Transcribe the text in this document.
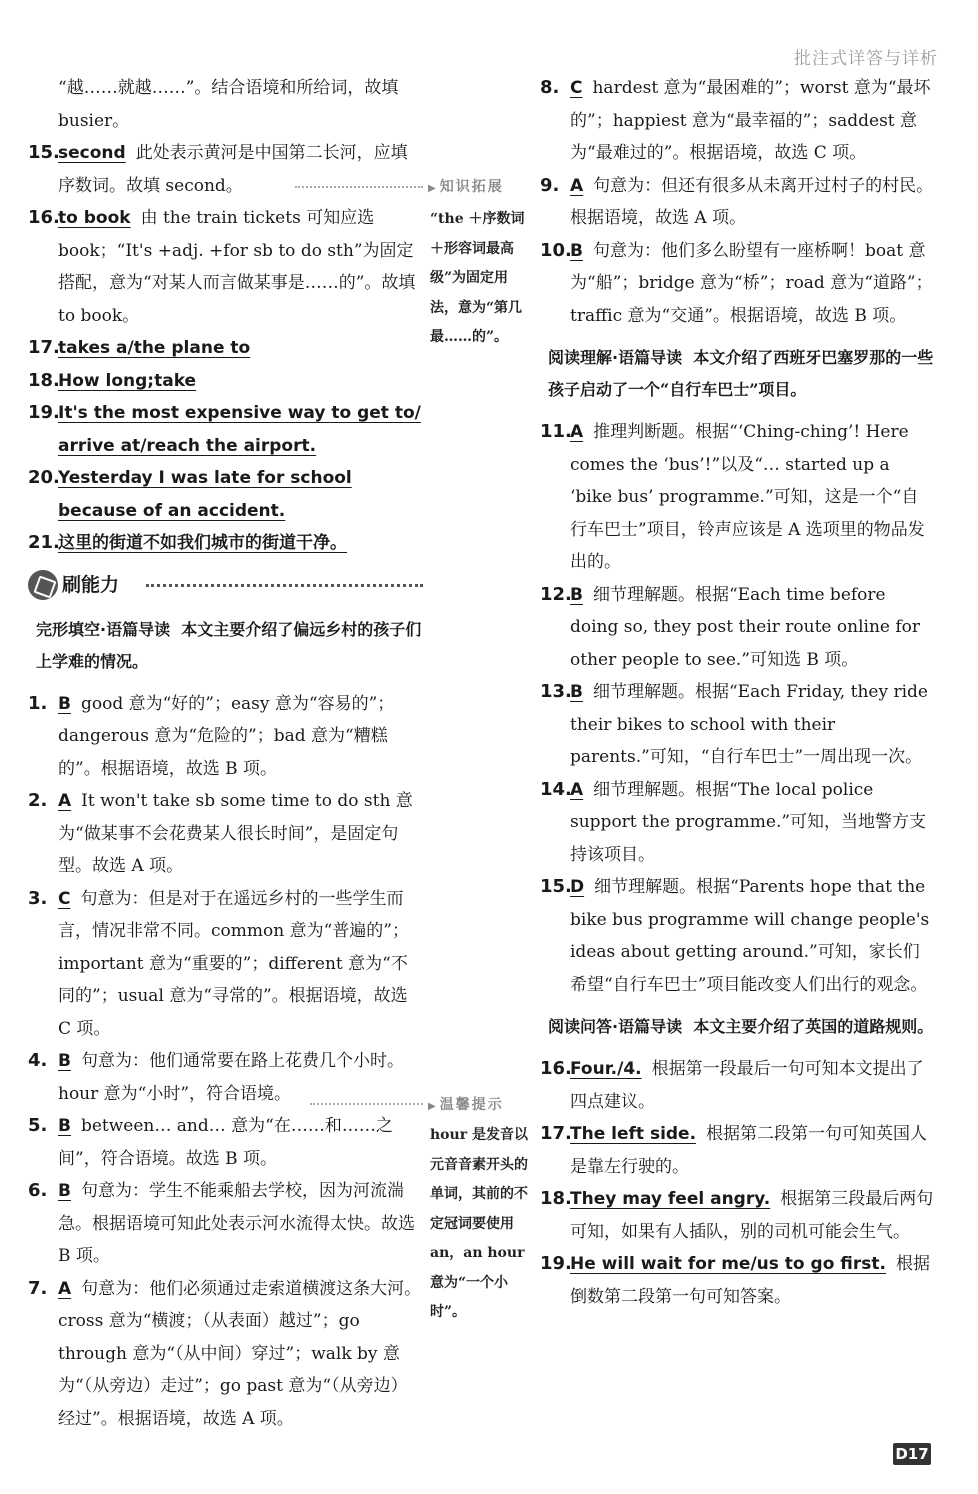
批注式详答与详析

“越……就越……”。结合语境和所给词，故填 busier。

15.
second 此处表示黄河是中国第二长河，应填序数词。故填 second。

16.
to book 由 the train tickets 可知应选 book；“It's +adj. +for sb to do sth”为固定搭配，意为“对某人而言做某事是……的”。故填 to book。

17.
takes a/the plane to

18.
How long;take

19.
It's the most expensive way to get to/ arrive at/reach the airport.

20.
Yesterday I was late for school because of an accident.

21.
这里的街道不如我们城市的街道干净。

刷能力
完形填空·语篇导读 本文主要介绍了偏远乡村的孩子们上学难的情况。

1. B good 意为“好的”；easy 意为“容易的”；dangerous 意为“危险的”；bad 意为“糟糕的”。根据语境，故选 B 项。

2. A It won't take sb some time to do sth 意为“做某事不会花费某人很长时间”，是固定句型。故选 A 项。

3. C 句意为：但是对于在遥远乡村的一些学生而言，情况非常不同。common 意为“普遍的”；important 意为“重要的”；different 意为“不同的”；usual 意为“寻常的”。根据语境，故选 C 项。

4. B 句意为：他们通常要在路上花费几个小时。hour 意为“小时”，符合语境。

5. B between… and… 意为“在……和……之间”，符合语境。故选 B 项。

6. B 句意为：学生不能乘船去学校，因为河流湍急。根据语境可知此处表示河水流得太快。故选 B 项。

7. A 句意为：他们必须通过走索道横渡这条大河。cross 意为“横渡；（从表面）越过”；go through 意为“（从中间）穿过”；walk by 意为“（从旁边）走过”；go past 意为“（从旁边）经过”。根据语境，故选 A 项。

▶ 知识拓展
“the ＋序数词＋形容词最高级”为固定用法，意为“第几最……的”。
▶ 温馨提示
hour 是发音以元音音素开头的单词，其前的不定冠词要使用 an，an hour 意为“一个小时”。

8. C hardest 意为“最困难的”；worst 意为“最坏的”；happiest 意为“最幸福的”；saddest 意为“最难过的”。根据语境，故选 C 项。

9. A 句意为：但还有很多从未离开过村子的村民。根据语境，故选 A 项。

10.
B 句意为：他们多么盼望有一座桥啊！boat 意为“船”；bridge 意为“桥”；road 意为“道路”；traffic 意为“交通”。根据语境，故选 B 项。

阅读理解·语篇导读 本文介绍了西班牙巴塞罗那的一些孩子启动了一个“自行车巴士”项目。

11.
A 推理判断题。根据“‘Ching-ching’! Here comes the ‘bus’!”以及“… started up a ‘bike bus’ programme.”可知，这是一个“自行车巴士”项目，铃声应该是 A 选项里的物品发出的。

12.
B 细节理解题。根据“Each time before doing so, they post their route online for other people to see.”可知选 B 项。

13.
B 细节理解题。根据“Each Friday, they ride their bikes to school with their parents.”可知，“自行车巴士”一周出现一次。

14.
A 细节理解题。根据“The local police support the programme.”可知，当地警方支持该项目。

15.
D 细节理解题。根据“Parents hope that the bike bus programme will change people's ideas about getting around.”可知，家长们希望“自行车巴士”项目能改变人们出行的观念。

阅读问答·语篇导读 本文主要介绍了英国的道路规则。

16.
Four./4. 根据第一段最后一句可知本文提出了四点建议。

17.
The left side. 根据第二段第一句可知英国人是靠左行驶的。

18.
They may feel angry. 根据第三段最后两句可知，如果有人插队，别的司机可能会生气。

19.
He will wait for me/us to go first. 根据倒数第二段第一句可知答案。

D17
